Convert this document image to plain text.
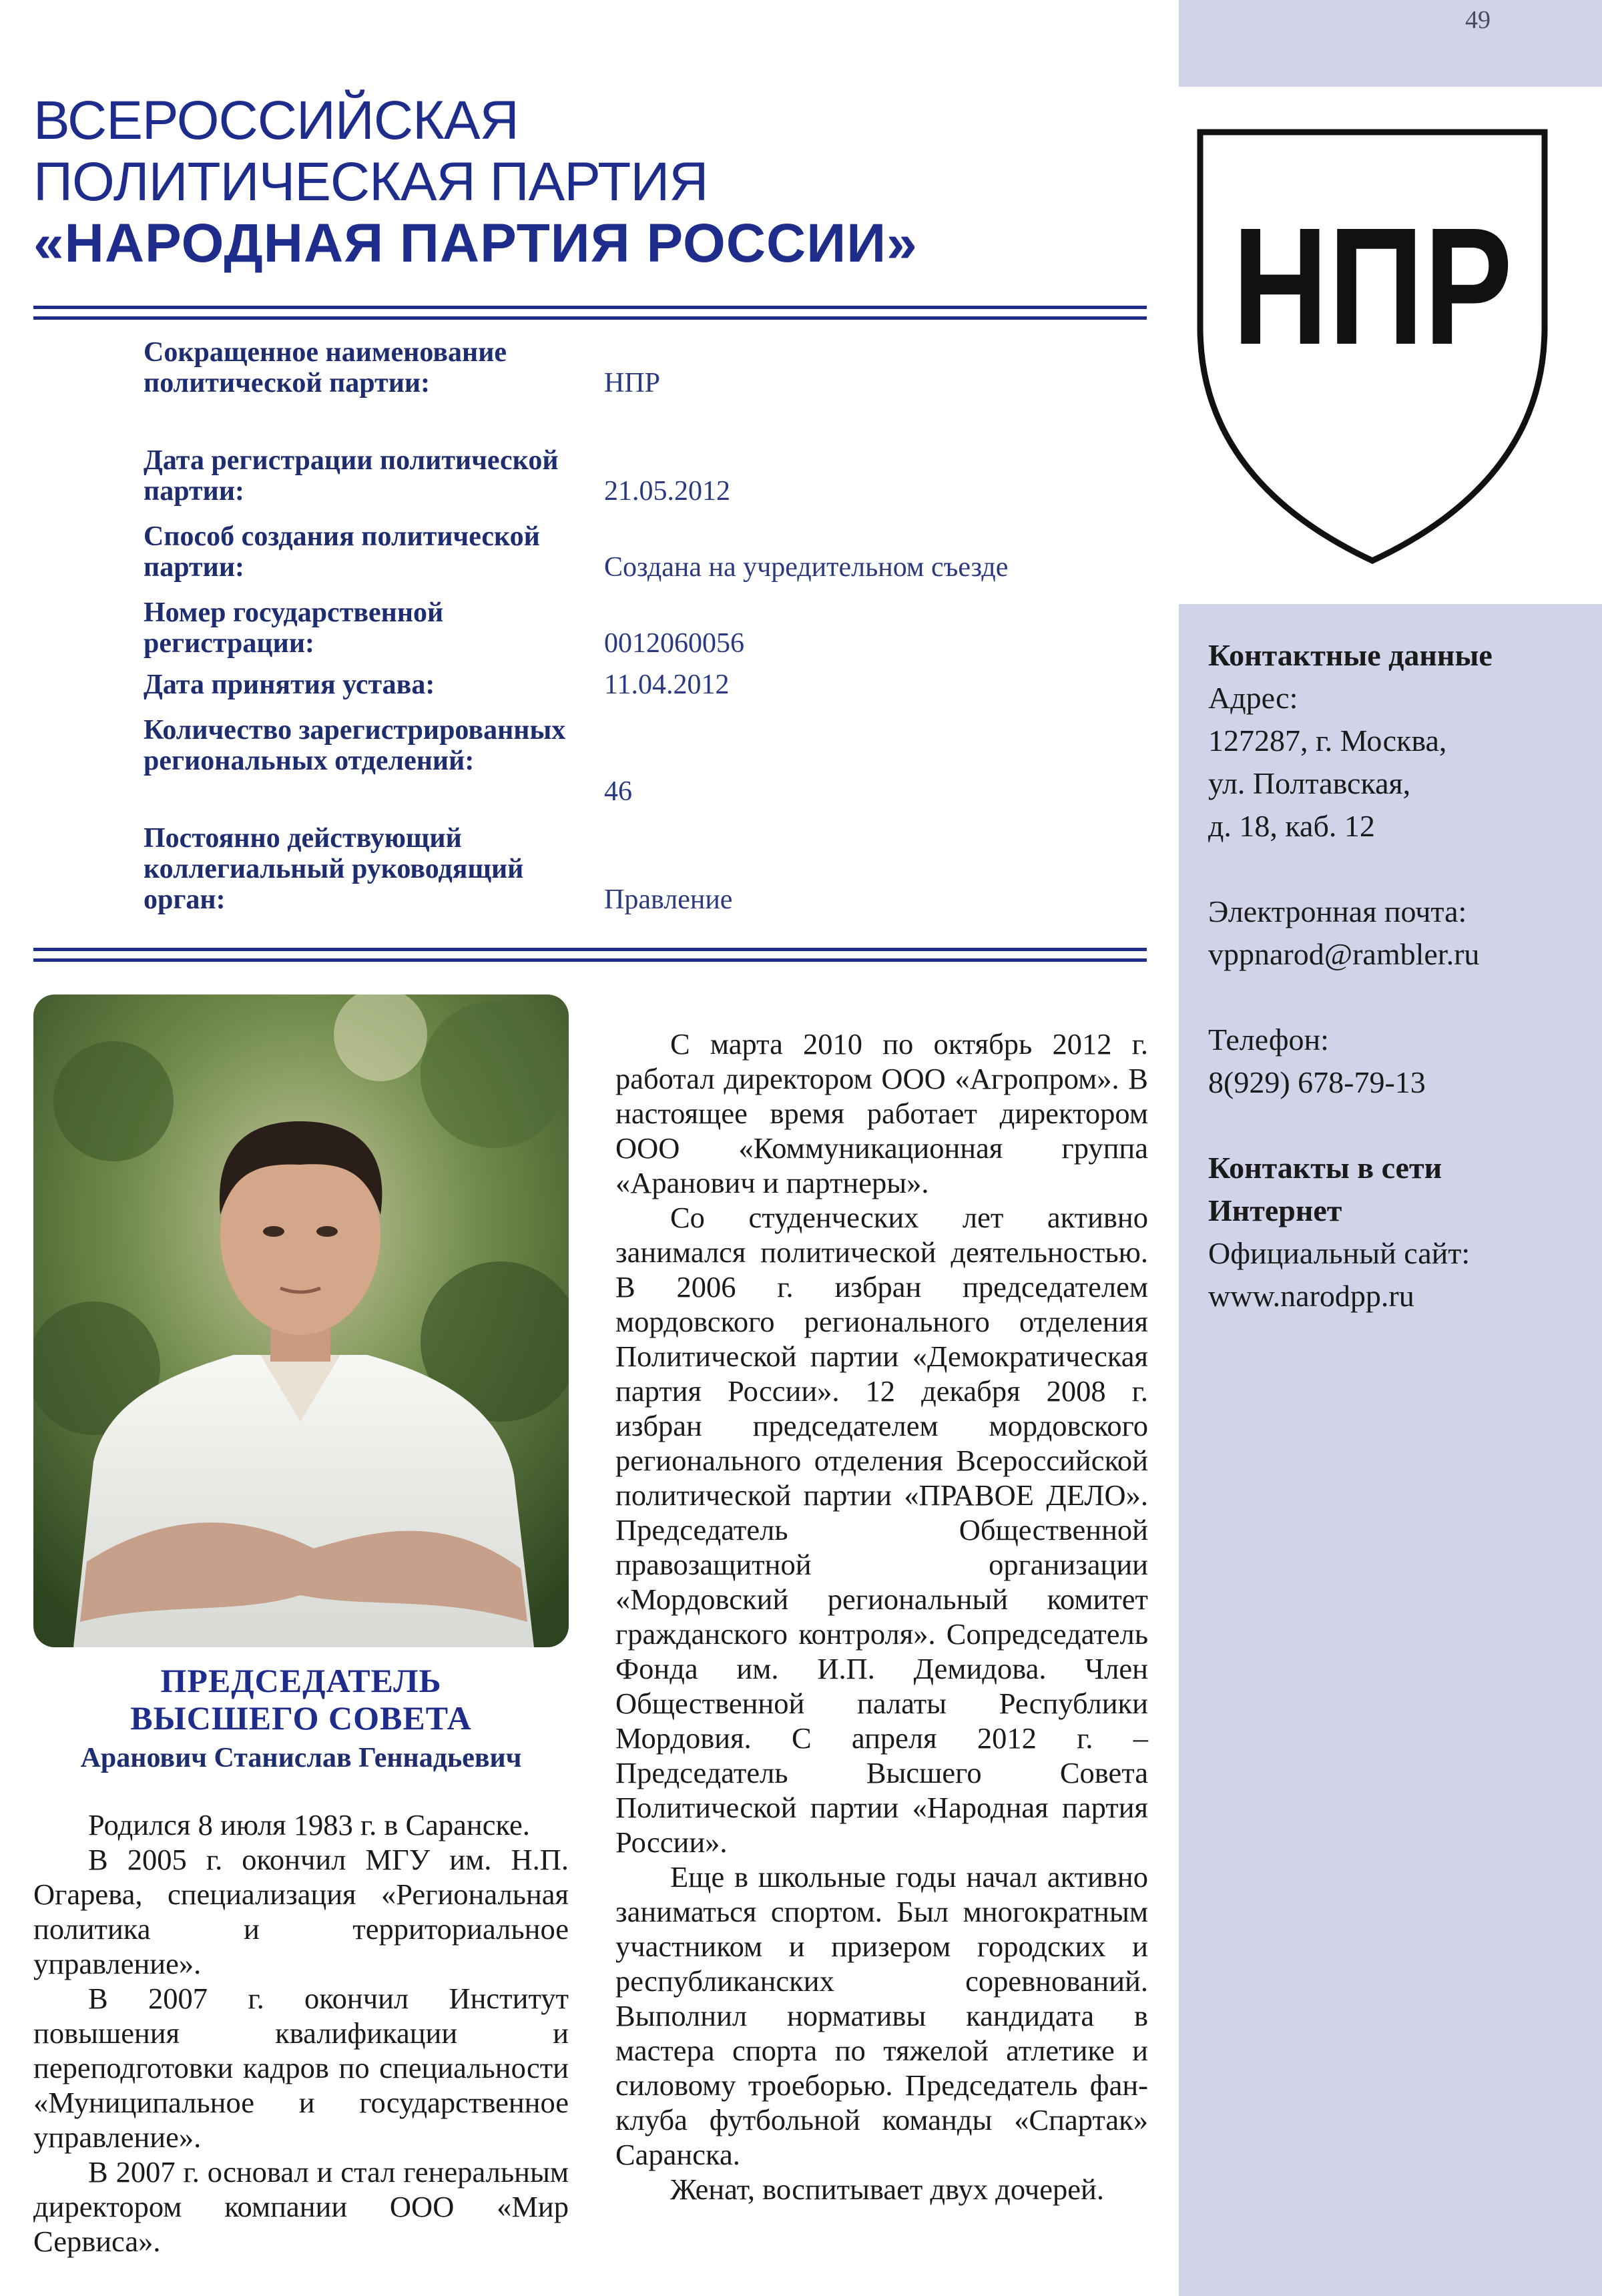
49
ВСЕРОССИЙСКАЯ
ПОЛИТИЧЕСКАЯ ПАРТИЯ
«НАРОДНАЯ ПАРТИЯ РОССИИ»
Сокращенное наименование политической партии:	НПР
Дата регистрации политической партии:	21.05.2012
Способ создания политической партии:	Создана на учредительном съезде
Номер государственной регистрации:	0012060056
Дата принятия устава:	11.04.2012
Количество зарегистрированных региональных отделений:
46
Постоянно действующий коллегиальный руководящий орган:	Правление
НПР
Контактные данные
Адрес:
127287, г. Москва,
ул. Полтавская,
д. 18, каб. 12
Электронная почта:
vppnarod@rambler.ru
Телефон:
8(929) 678-79-13
Контакты в сети
Интернет
Официальный сайт:
www.narodpp.ru
ПРЕДСЕДАТЕЛЬ
ВЫСШЕГО СОВЕТА
Аранович Станислав Геннадьевич

Родился 8 июля 1983 г. в Саранске.

В 2005 г. окончил МГУ им. Н.П. Огарева, специализация «Региональная политика и территориальное управление».

В 2007 г. окончил Институт повышения квалификации и переподготовки кадров по специальности «Муниципальное и государственное управление».

В 2007 г. основал и стал генеральным директором компании ООО «Мир Сервиса».

С марта 2010 по октябрь 2012 г. работал директором ООО «Агропром». В настоящее время работает директором ООО «Коммуникационная группа «Аранович и партнеры».

Со студенческих лет активно занимался политической деятельностью. В 2006 г. избран председателем мордовского регионального отделения Политической партии «Демократическая партия России». 12 декабря 2008 г. избран председателем мордовского регионального отделения Всероссийской политической партии «ПРАВОЕ ДЕЛО». Председатель Общественной правозащитной организации «Мордовский региональный комитет гражданского контроля». Сопредседатель Фонда им. И.П. Демидова. Член Общественной палаты Республики Мордовия. С апреля 2012 г. – Председатель Высшего Совета Политической партии «Народная партия России».

Еще в школьные годы начал активно заниматься спортом. Был многократным участником и призером городских и республиканских соревнований. Выполнил нормативы кандидата в мастера спорта по тяжелой атлетике и силовому троеборью. Председатель фан-клуба футбольной команды «Спартак» Саранска.

Женат, воспитывает двух дочерей.
